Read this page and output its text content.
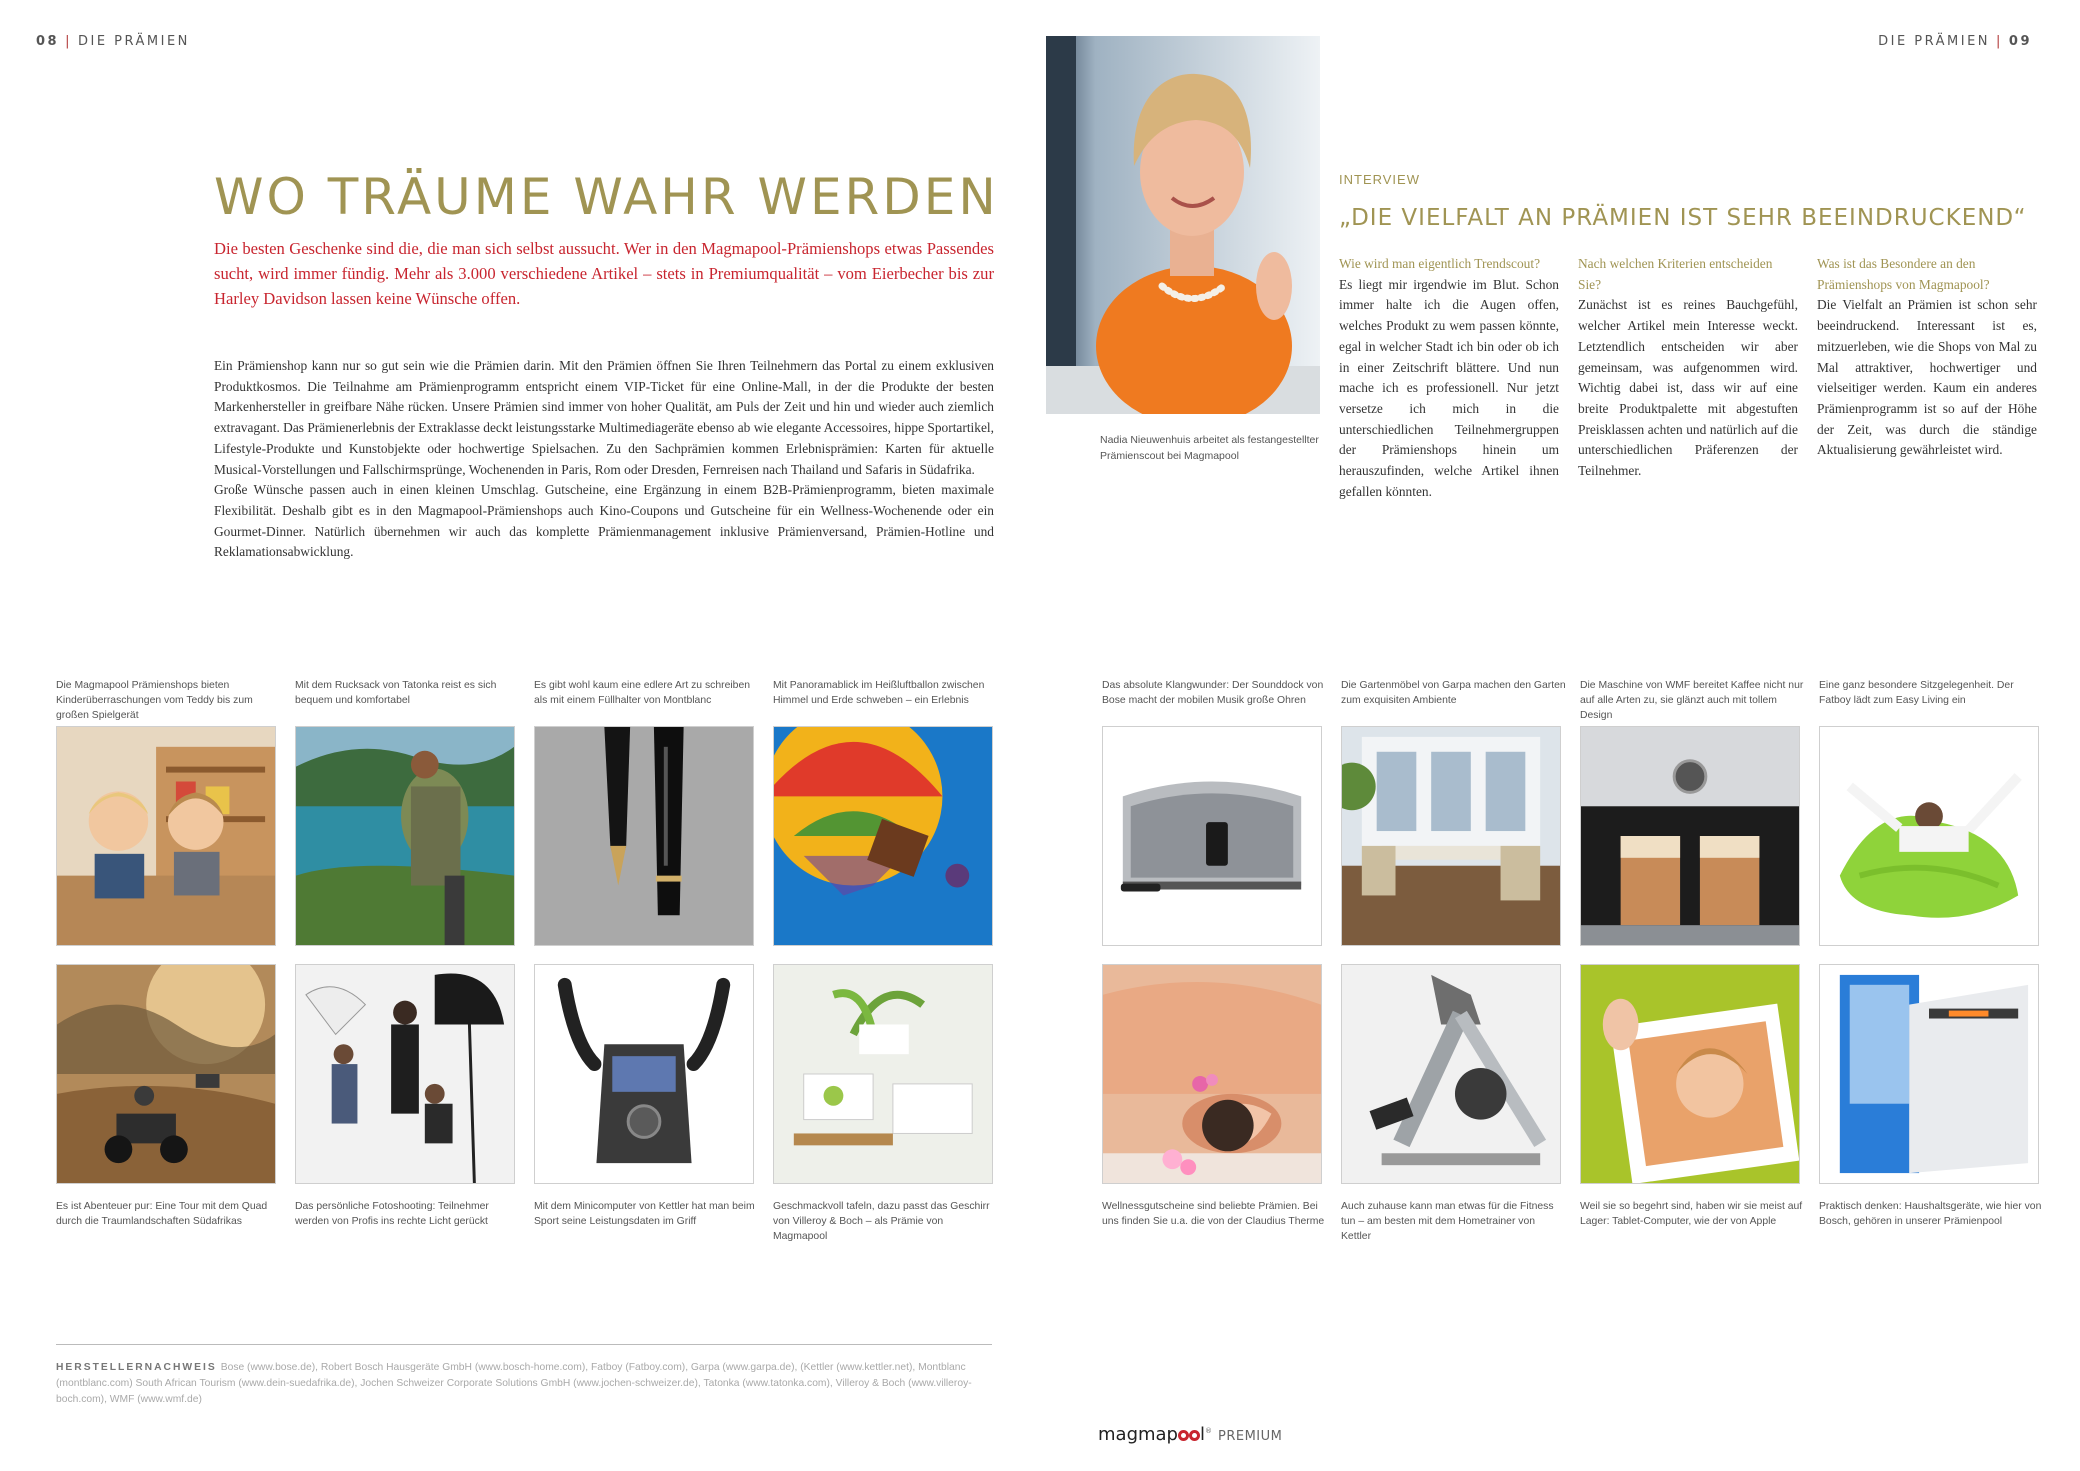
08 | DIE PRÄMIEN	DIE PRÄMIEN | 09
WO TRÄUME WAHR WERDEN
Die besten Geschenke sind die, die man sich selbst aussucht. Wer in den Magmapool-Prämienshops etwas Passendes sucht, wird immer fündig. Mehr als 3.000 verschiedene Artikel – stets in Premiumqualität – vom Eierbecher bis zur Harley Davidson lassen keine Wünsche offen.

Ein Prämienshop kann nur so gut sein wie die Prämien darin. Mit den Prämien öffnen Sie Ihren Teilnehmern das Portal zu einem exklusiven Produktkosmos. Die Teilnahme am Prämienprogramm entspricht einem VIP-Ticket für eine Online-Mall, in der die Produkte der besten Markenhersteller in greifbare Nähe rücken. Unsere Prämien sind immer von hoher Qualität, am Puls der Zeit und hin und wieder auch ziemlich extravagant. Das Prämienerlebnis der Extraklasse deckt leistungsstarke Multimediageräte ebenso ab wie elegante Accessoires, hippe Sportartikel, Lifestyle-Produkte und Kunstobjekte oder hochwertige Spielsachen. Zu den Sachprämien kommen Erlebnisprämien: Karten für aktuelle Musical-Vorstellungen und Fallschirmsprünge, Wochenenden in Paris, Rom oder Dresden, Fernreisen nach Thailand und Safaris in Südafrika.

Große Wünsche passen auch in einen kleinen Umschlag. Gutscheine, eine Ergänzung in einem B2B-Prämienprogramm, bieten maximale Flexibilität. Deshalb gibt es in den Magmapool-Prämienshops auch Kino-Coupons und Gutscheine für ein Wellness-Wochenende oder ein Gourmet-Dinner. Natürlich übernehmen wir auch das komplette Prämienmanagement inklusive Prämienversand, Prämien-Hotline und Reklamationsabwicklung.

Nadia Nieuwenhuis arbeitet als festangestellter Prämienscout bei Magmapool
INTERVIEW
„DIE VIELFALT AN PRÄMIEN IST SEHR BEEINDRUCKEND“
Wie wird man eigentlich Trendscout?
Es liegt mir irgendwie im Blut. Schon immer halte ich die Augen offen, welches Produkt zu wem passen könnte, egal in welcher Stadt ich bin oder ob ich in einer Zeitschrift blättere. Und nun mache ich es professionell. Nur jetzt versetze ich mich in die unterschiedlichen Teilnehmergruppen der Prämienshops hinein um herauszufinden, welche Artikel ihnen gefallen könnten.
Nach welchen Kriterien entscheiden Sie?
Zunächst ist es reines Bauchgefühl, welcher Artikel mein Interesse weckt. Letztendlich entscheiden wir aber gemeinsam, was aufgenommen wird. Wichtig dabei ist, dass wir auf eine breite Produktpalette mit abgestuften Preisklassen achten und natürlich auf die unterschiedlichen Präferenzen der Teilnehmer.
Was ist das Besondere an den Prämienshops von Magmapool?
Die Vielfalt an Prämien ist schon sehr beeindruckend. Interessant ist es, mitzuerleben, wie die Shops von Mal zu Mal attraktiver, hochwertiger und vielseitiger werden. Kaum ein anderes Prämienprogramm ist so auf der Höhe der Zeit, was durch die ständige Aktualisierung gewährleistet wird.
Die Magmapool Prämienshops bieten Kinderüberraschungen vom Teddy bis zum großen Spielgerät
Mit dem Rucksack von Tatonka reist es sich bequem und komfortabel
Es gibt wohl kaum eine edlere Art zu schreiben als mit einem Füllhalter von Montblanc
Mit Panoramablick im Heißluftballon zwischen Himmel und Erde schweben – ein Erlebnis
Das absolute Klangwunder: Der Sounddock von Bose macht der mobilen Musik große Ohren
Die Gartenmöbel von Garpa machen den Garten zum exquisiten Ambiente
Die Maschine von WMF bereitet Kaffee nicht nur auf alle Arten zu, sie glänzt auch mit tollem Design
Eine ganz besondere Sitzgelegenheit. Der Fatboy lädt zum Easy Living ein
Es ist Abenteuer pur: Eine Tour mit dem Quad durch die Traumlandschaften Südafrikas
Das persönliche Fotoshooting: Teilnehmer werden von Profis ins rechte Licht gerückt
Mit dem Minicomputer von Kettler hat man beim Sport seine Leistungsdaten im Griff
Geschmackvoll tafeln, dazu passt das Geschirr von Villeroy & Boch – als Prämie von Magmapool
Wellnessgutscheine sind beliebte Prämien. Bei uns finden Sie u.a. die von der Claudius Therme
Auch zuhause kann man etwas für die Fitness tun – am besten mit dem Hometrainer von Kettler
Weil sie so begehrt sind, haben wir sie meist auf Lager: Tablet-Computer, wie der von Apple
Praktisch denken: Haushaltsgeräte, wie hier von Bosch, gehören in unserer Prämienpool
HERSTELLERNACHWEIS Bose (www.bose.de), Robert Bosch Hausgeräte GmbH (www.bosch-home.com), Fatboy (Fatboy.com), Garpa (www.garpa.de), (Kettler (www.kettler.net), Montblanc (montblanc.com) South African Tourism (www.dein-suedafrika.de), Jochen Schweizer Corporate Solutions GmbH (www.jochen-schweizer.de), Tatonka (www.tatonka.com), Villeroy & Boch (www.villeroy-boch.com), WMF (www.wmf.de)
magmap l® PREMIUM
